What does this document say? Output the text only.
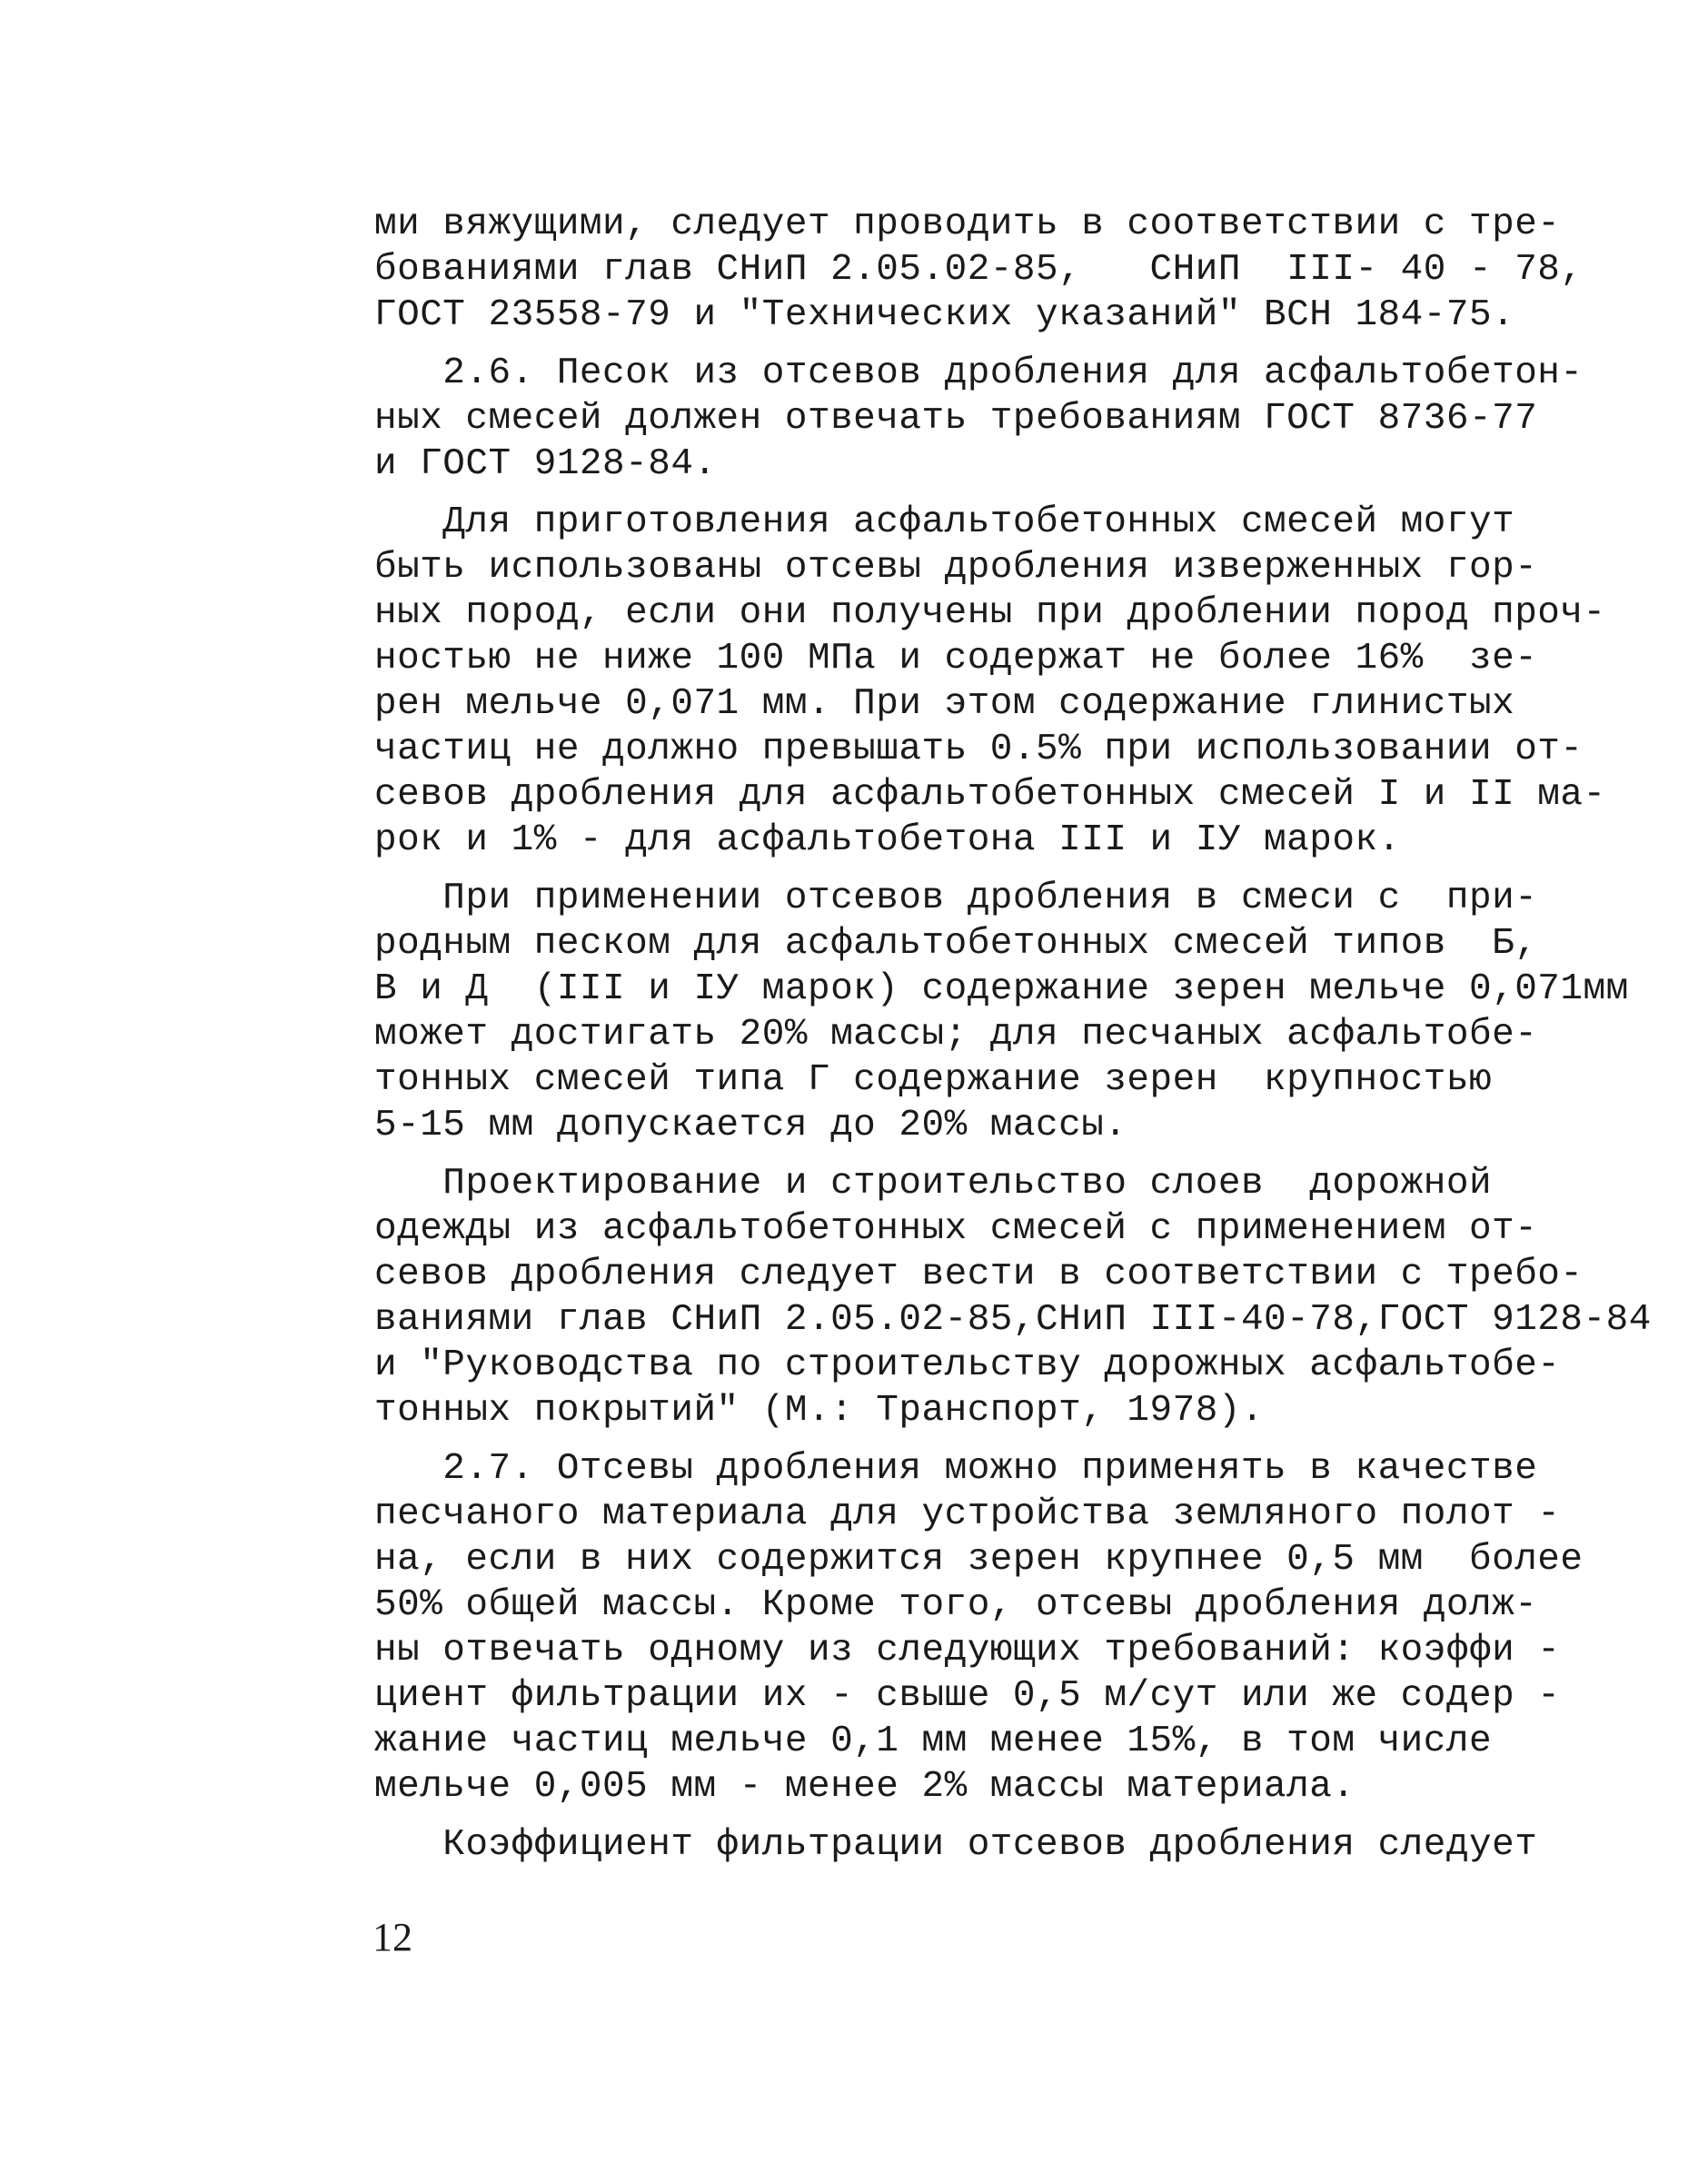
ми вяжущими, следует проводить в соответствии с тре-

бованиями глав СНиП 2.05.02-85,   СНиП  III- 40 - 78,

ГОСТ 23558-79 и "Технических указаний" ВСН 184-75.

2.6. Песок из отсевов дробления для асфальтобетон-

ных смесей должен отвечать требованиям ГОСТ 8736-77

и ГОСТ 9128-84.

Для приготовления асфальтобетонных смесей могут

быть использованы отсевы дробления изверженных гор-

ных пород, если они получены при дроблении пород проч-

ностью не ниже 100 МПа и содержат не более 16%  зе-

рен мельче 0,071 мм. При этом содержание глинистых

частиц не должно превышать 0.5% при использовании от-

севов дробления для асфальтобетонных смесей I и II ма-

рок и 1% - для асфальтобетона III и IУ марок.

При применении отсевов дробления в смеси с  при-

родным песком для асфальтобетонных смесей типов  Б,

В и Д  (III и IУ марок) содержание зерен мельче 0,071мм

может достигать 20% массы; для песчаных асфальтобе-

тонных смесей типа Г содержание зерен  крупностью

5-15 мм допускается до 20% массы.

Проектирование и строительство слоев  дорожной

одежды из асфальтобетонных смесей с применением от-

севов дробления следует вести в соответствии с требо-

ваниями глав СНиП 2.05.02-85,СНиП III-40-78,ГОСТ 9128-84

и "Руководства по строительству дорожных асфальтобе-

тонных покрытий" (М.: Транспорт, 1978).

2.7. Отсевы дробления можно применять в качестве

песчаного материала для устройства земляного полот -

на, если в них содержится зерен крупнее 0,5 мм  более

50% общей массы. Кроме того, отсевы дробления долж-

ны отвечать одному из следующих требований: коэффи -

циент фильтрации их - свыше 0,5 м/сут или же содер -

жание частиц мельче 0,1 мм менее 15%, в том числе

мельче 0,005 мм - менее 2% массы материала.

Коэффициент фильтрации отсевов дробления следует

12
